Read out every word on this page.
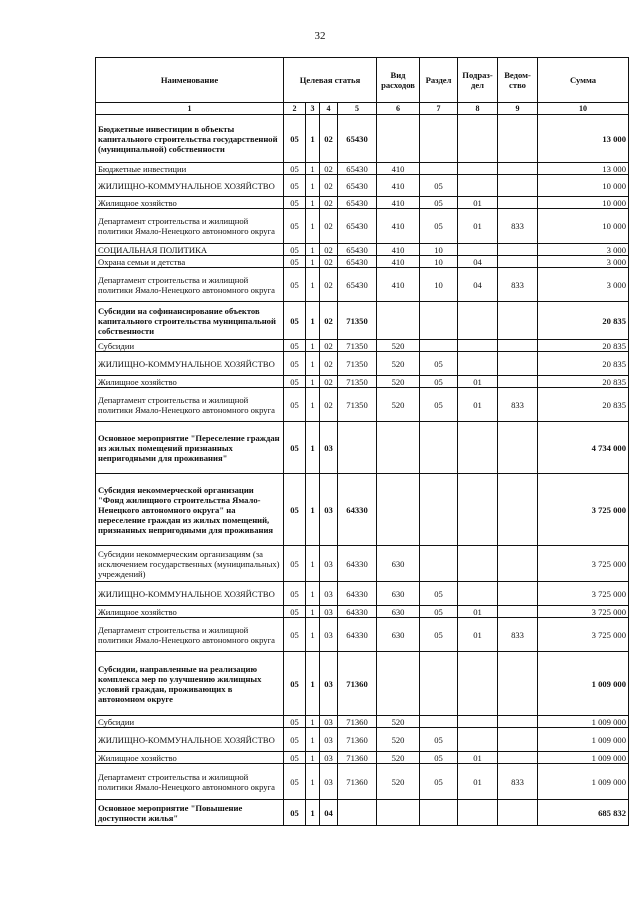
32
Наименование	Целевая статья				Вид расходов	Раздел	Подраз-дел	Ведом-ство	Сумма
1	2	3	4	5	6	7	8	9	10
Бюджетные инвестиции в объекты капитального строительства государственной (муниципальной) собственности	05	1	02	65430					13 000
Бюджетные инвестиции	05	1	02	65430	410				13 000
ЖИЛИЩНО-КОММУНАЛЬНОЕ ХОЗЯЙСТВО	05	1	02	65430	410	05			10 000
Жилищное хозяйство	05	1	02	65430	410	05	01		10 000
Департамент строительства и жилищной политики Ямало-Ненецкого автономного округа	05	1	02	65430	410	05	01	833	10 000
СОЦИАЛЬНАЯ ПОЛИТИКА	05	1	02	65430	410	10			3 000
Охрана семьи и детства	05	1	02	65430	410	10	04		3 000
Департамент строительства и жилищной политики Ямало-Ненецкого автономного округа	05	1	02	65430	410	10	04	833	3 000
Субсидии на софинансирование объектов капитального строительства муниципальной собственности	05	1	02	71350					20 835
Субсидии	05	1	02	71350	520				20 835
ЖИЛИЩНО-КОММУНАЛЬНОЕ ХОЗЯЙСТВО	05	1	02	71350	520	05			20 835
Жилищное хозяйство	05	1	02	71350	520	05	01		20 835
Департамент строительства и жилищной политики Ямало-Ненецкого автономного округа	05	1	02	71350	520	05	01	833	20 835
Основное мероприятие "Переселение граждан из жилых помещений признанных непригодными для проживания"	05	1	03						4 734 000
Субсидия некоммерческой организации "Фонд жилищного строительства Ямало-Ненецкого автономного округа" на переселение граждан из жилых помещений, признанных непригодными для проживания	05	1	03	64330					3 725 000
Субсидии некоммерческим организациям (за исключением государственных (муниципальных) учреждений)	05	1	03	64330	630				3 725 000
ЖИЛИЩНО-КОММУНАЛЬНОЕ ХОЗЯЙСТВО	05	1	03	64330	630	05			3 725 000
Жилищное хозяйство	05	1	03	64330	630	05	01		3 725 000
Департамент строительства и жилищной политики Ямало-Ненецкого автономного округа	05	1	03	64330	630	05	01	833	3 725 000
Субсидии, направленные на реализацию комплекса мер по улучшению жилищных условий граждан, проживающих в автономном округе	05	1	03	71360					1 009 000
Субсидии	05	1	03	71360	520				1 009 000
ЖИЛИЩНО-КОММУНАЛЬНОЕ ХОЗЯЙСТВО	05	1	03	71360	520	05			1 009 000
Жилищное хозяйство	05	1	03	71360	520	05	01		1 009 000
Департамент строительства и жилищной политики Ямало-Ненецкого автономного округа	05	1	03	71360	520	05	01	833	1 009 000
Основное мероприятие "Повышение доступности жилья"	05	1	04						685 832
